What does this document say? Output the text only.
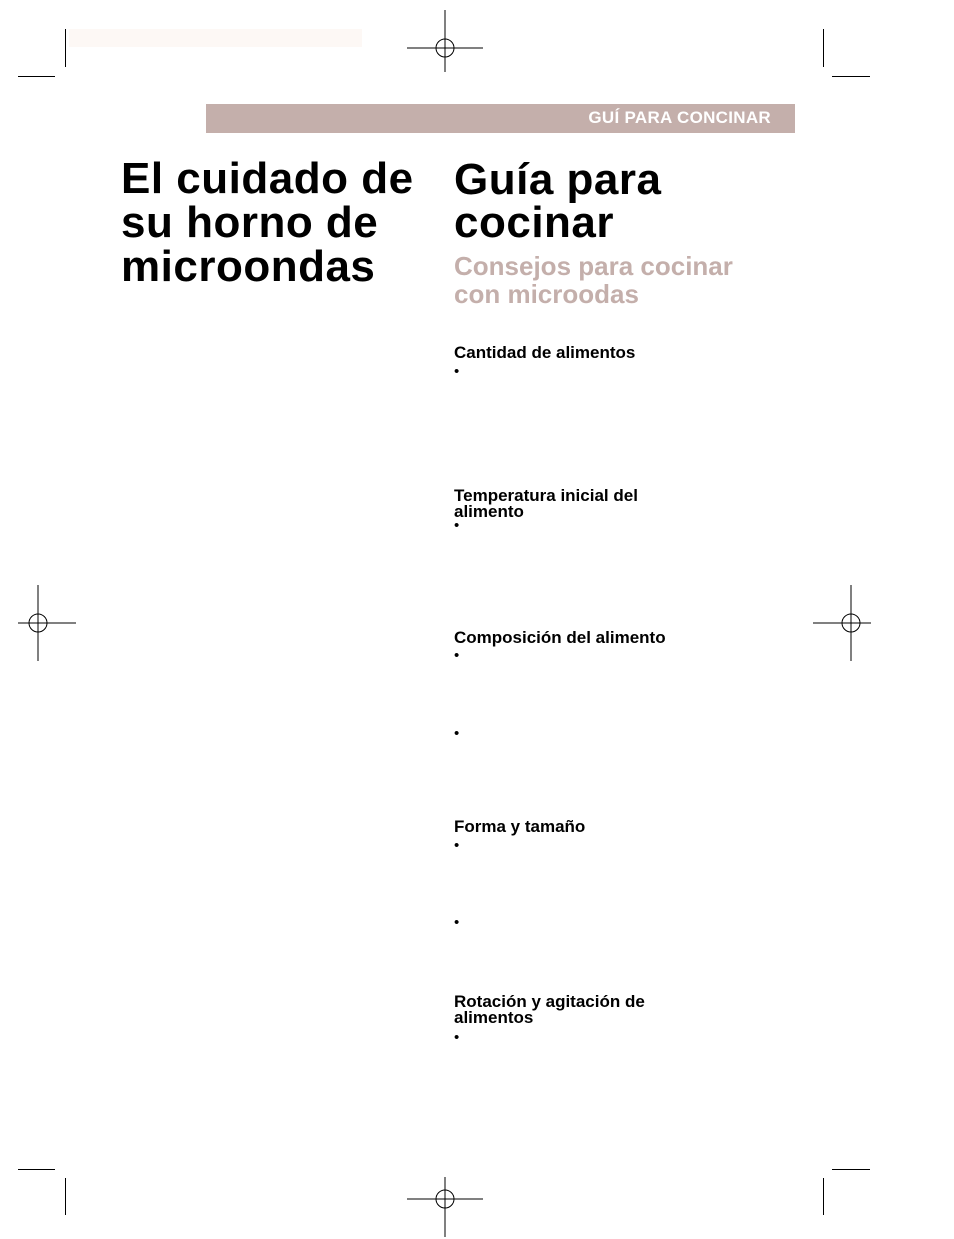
GUÍ PARA CONCINAR
El cuidado de su horno de microondas
Guía para cocinar
Consejos para cocinar con microodas
Cantidad de alimentos
•
Temperatura inicial del alimento
•
Composición del alimento
•
•
Forma y tamaño
•
•
Rotación y agitación de alimentos
•
